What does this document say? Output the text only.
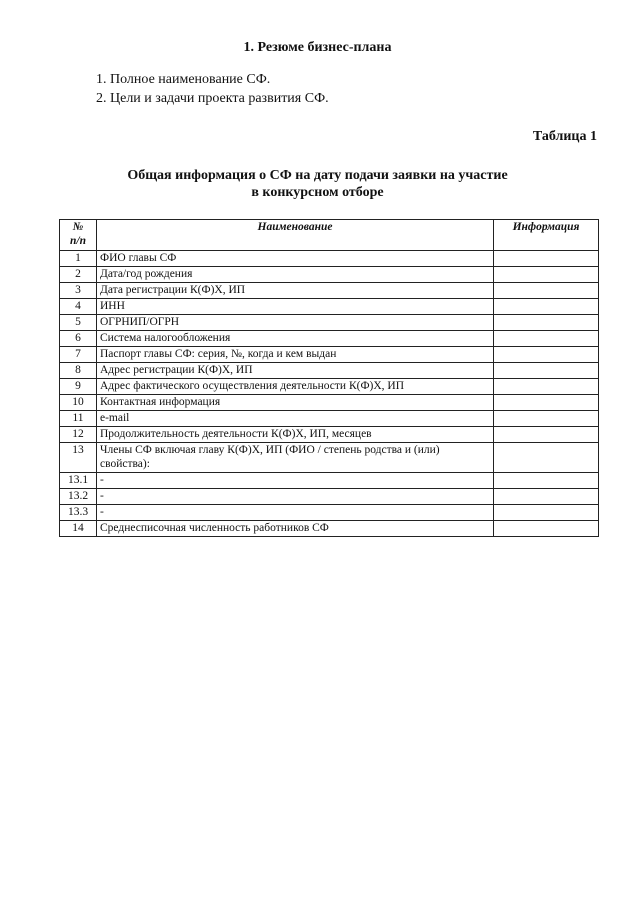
1. Резюме бизнес-плана
1. Полное наименование СФ.
2. Цели и задачи проекта развития СФ.
Таблица 1
Общая информация о СФ на дату подачи заявки на участие
в конкурсном отборе
№
п/п	Наименование	Информация
1	ФИО главы СФ	
2	Дата/год рождения	
3	Дата регистрации К(Ф)Х, ИП	
4	ИНН	
5	ОГРНИП/ОГРН	
6	Система налогообложения	
7	Паспорт главы СФ: серия, №, когда и кем выдан	
8	Адрес регистрации К(Ф)Х, ИП	
9	Адрес фактического осуществления деятельности К(Ф)Х, ИП	
10	Контактная информация	
11	e-mail	
12	Продолжительность деятельности К(Ф)Х, ИП, месяцев	
13	Члены СФ включая главу К(Ф)Х, ИП (ФИО / степень родства и (или) свойства):	
13.1	-	
13.2	-	
13.3	-	
14	Среднесписочная численность работников СФ	
